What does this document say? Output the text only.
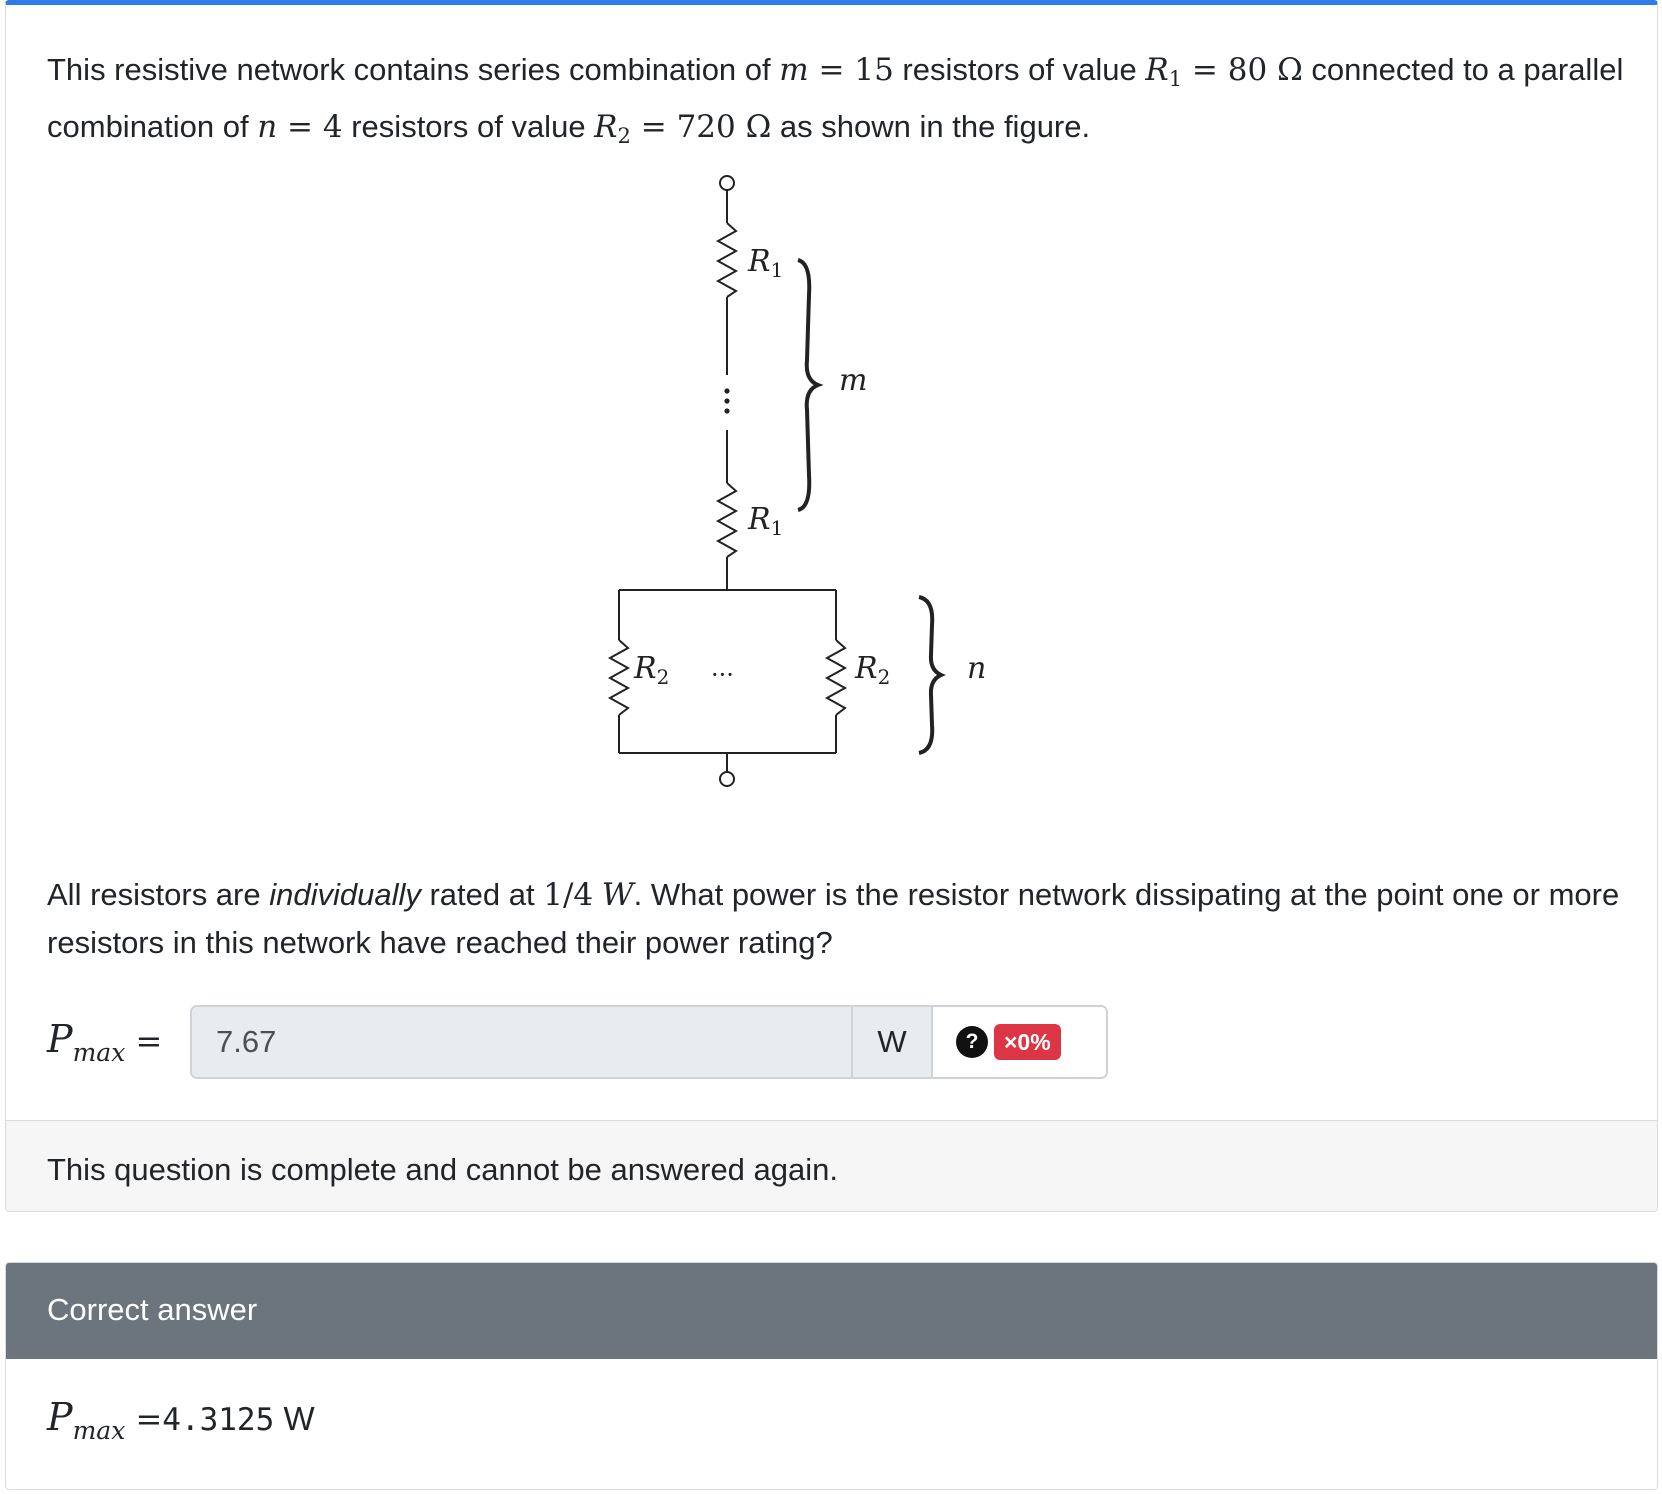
This resistive network contains series combination of m = 15 resistors of value $R_1 = 80$ Ω connected to a parallel combination of n = 4 resistors of value $R_2 = 720$ Ω as shown in the figure.
$R_1$
m
$R_1$
$R_2$	$R_2$	n
···
All resistors are individually rated at 1/4 W. What power is the resistor network dissipating at the point one or more resistors in this network have reached their power rating?
$P_{max}$ =
7.67	W	?	×0%
This question is complete and cannot be answered again.
Correct answer
$P_{max} =4.3125$ W
